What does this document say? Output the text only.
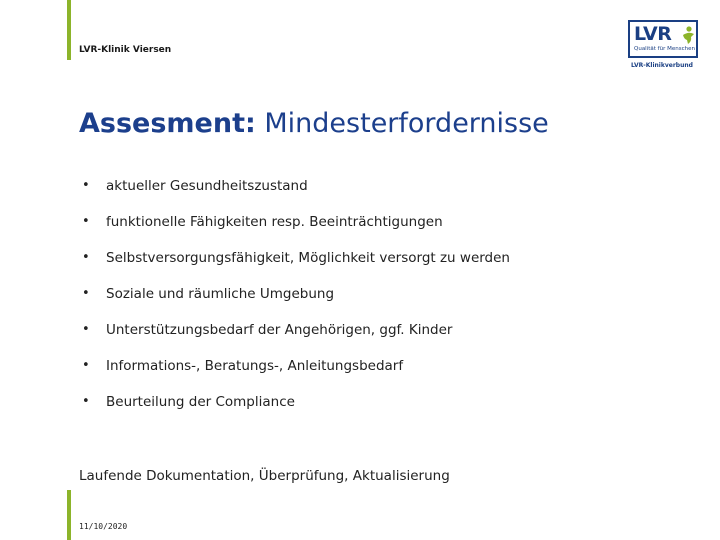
LVR-Klinik Viersen
LVR
Qualität für Menschen
LVR-Klinikverbund
Assesment: Mindesterfordernisse
• aktueller Gesundheitszustand
• funktionelle Fähigkeiten resp. Beeinträchtigungen
• Selbstversorgungsfähigkeit, Möglichkeit versorgt zu werden
• Soziale und räumliche Umgebung
• Unterstützungsbedarf der Angehörigen, ggf. Kinder
• Informations-, Beratungs-, Anleitungsbedarf
• Beurteilung der Compliance
Laufende Dokumentation, Überprüfung, Aktualisierung
11/10/2020
